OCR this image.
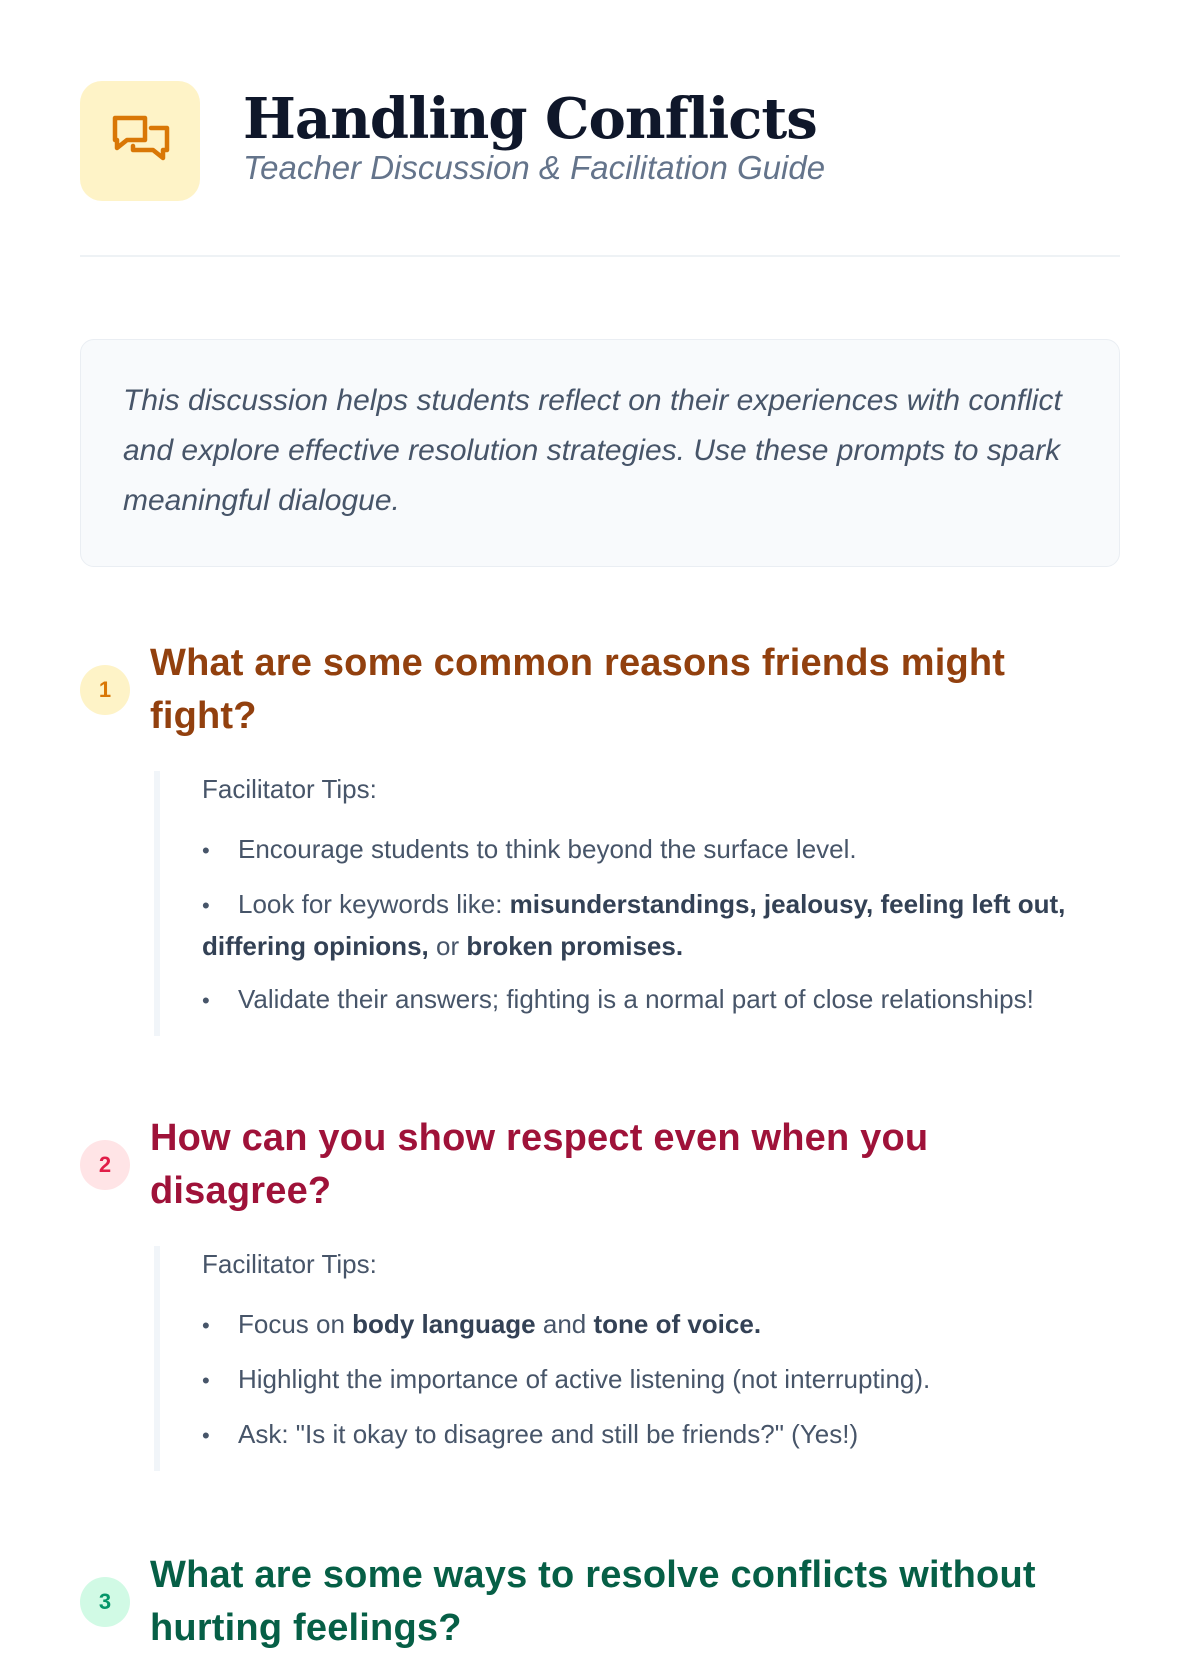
Handling Conflicts
Teacher Discussion & Facilitation Guide

This discussion helps students reflect on their experiences with conflict and explore effective resolution strategies. Use these prompts to spark meaningful dialogue.

1
What are some common reasons friends might fight?
Facilitator Tips:
• Encourage students to think beyond the surface level.
• Look for keywords like: misunderstandings, jealousy, feeling left out, differing opinions, or broken promises.
• Validate their answers; fighting is a normal part of close relationships!
2
How can you show respect even when you disagree?
Facilitator Tips:
• Focus on body language and tone of voice.
• Highlight the importance of active listening (not interrupting).
• Ask: "Is it okay to disagree and still be friends?" (Yes!)
3
What are some ways to resolve conflicts without hurting feelings?
